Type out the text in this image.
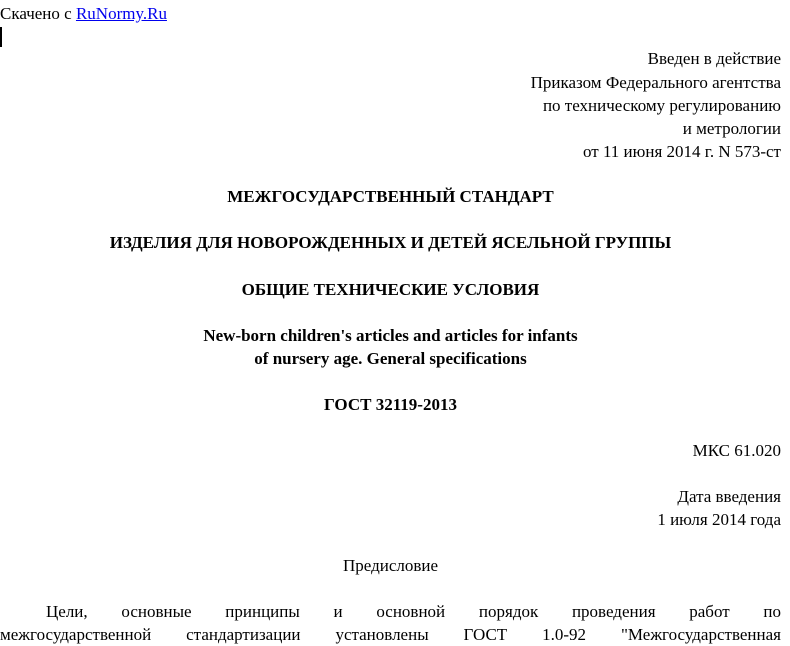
Скачено с RuNormy.Ru
Введен в действие
Приказом Федерального агентства
по техническому регулированию
и метрологии
от 11 июня 2014 г. N 573-ст
МЕЖГОСУДАРСТВЕННЫЙ СТАНДАРТ
ИЗДЕЛИЯ ДЛЯ НОВОРОЖДЕННЫХ И ДЕТЕЙ ЯСЕЛЬНОЙ ГРУППЫ
ОБЩИЕ ТЕХНИЧЕСКИЕ УСЛОВИЯ
New-born children's articles and articles for infants
of nursery age. General specifications
ГОСТ 32119-2013
МКС 61.020
Дата введения
1 июля 2014 года
Предисловие
Цели, основные принципы и основной порядок проведения работ по
межгосударственной стандартизации установлены ГОСТ 1.0-92 "Межгосударственная
